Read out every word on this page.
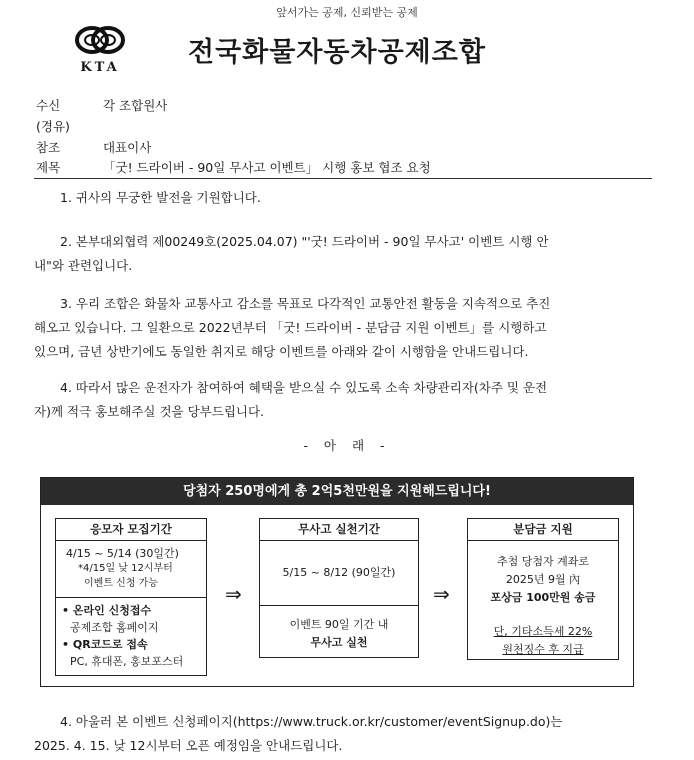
앞서가는 공제, 신뢰받는 공제
KTA	전국화물자동차공제조합
수신	각 조합원사
(경유)
참조	대표이사
제목	「굿! 드라이버 - 90일 무사고 이벤트」 시행 홍보 협조 요청
1. 귀사의 무궁한 발전을 기원합니다.
2. 본부대외협력 제00249호(2025.04.07) "'굿! 드라이버 - 90일 무사고' 이벤트 시행 안
내"와 관련입니다.
3. 우리 조합은 화물차 교통사고 감소를 목표로 다각적인 교통안전 활동을 지속적으로 추진
해오고 있습니다. 그 일환으로 2022년부터 「굿! 드라이버 - 분담금 지원 이벤트」를 시행하고
있으며, 금년 상반기에도 동일한 취지로 해당 이벤트를 아래와 같이 시행함을 안내드립니다.
4. 따라서 많은 운전자가 참여하여 혜택을 받으실 수 있도록 소속 차량관리자(차주 및 운전
자)께 적극 홍보해주실 것을 당부드립니다.
- 아 래 -
당첨자 250명에게 총 2억5천만원을 지원해드립니다!
응모자 모집기간
4/15 ~ 5/14 (30일간)
*4/15일 낮 12시부터
이벤트 신청 가능
• 온라인 신청접수
공제조합 홈페이지
• QR코드로 접속
PC, 휴대폰, 홍보포스터
⇒
무사고 실천기간
5/15 ~ 8/12 (90일간)
이벤트 90일 기간 내
무사고 실천
⇒
분담금 지원
추첨 당첨자 계좌로
2025년 9월 內
포상금 100만원 송금
단, 기타소득세 22%
원천징수 후 지급
4. 아울러 본 이벤트 신청페이지(https://www.truck.or.kr/customer/eventSignup.do)는
2025. 4. 15. 낮 12시부터 오픈 예정임을 안내드립니다.
